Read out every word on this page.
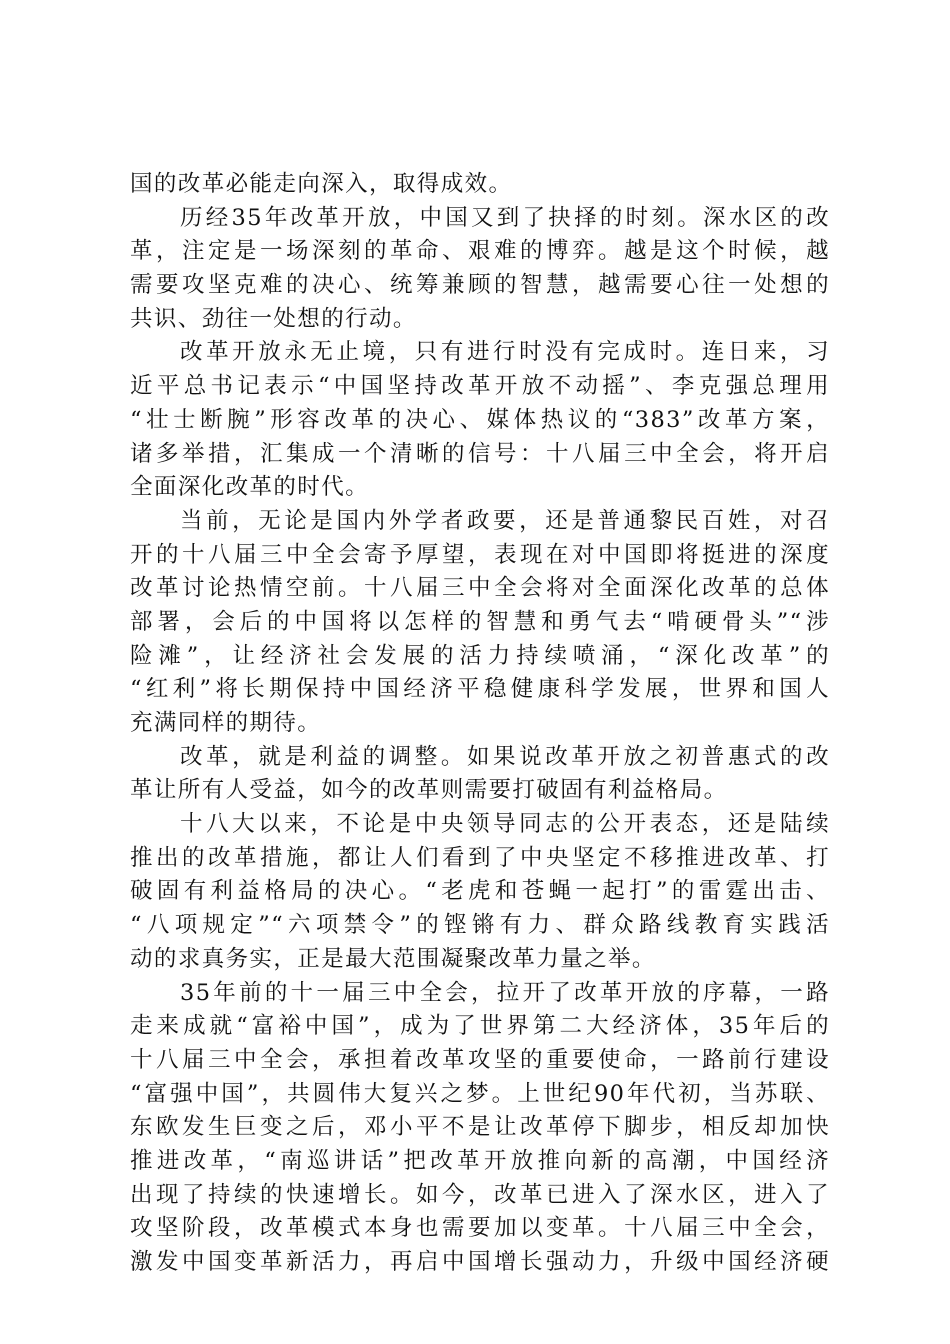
国的改革必能走向深入，取得成效。
历经35年改革开放，中国又到了抉择的时刻。深水区的改
革，注定是一场深刻的革命、艰难的博弈。越是这个时候，越
需要攻坚克难的决心、统筹兼顾的智慧，越需要心往一处想的
共识、劲往一处想的行动。
改革开放永无止境，只有进行时没有完成时。连日来，习
近平总书记表示“中国坚持改革开放不动摇”、李克强总理用
“壮士断腕”形容改革的决心、媒体热议的“383”改革方案，
诸多举措，汇集成一个清晰的信号：十八届三中全会，将开启
全面深化改革的时代。
当前，无论是国内外学者政要，还是普通黎民百姓，对召
开的十八届三中全会寄予厚望，表现在对中国即将挺进的深度
改革讨论热情空前。十八届三中全会将对全面深化改革的总体
部署，会后的中国将以怎样的智慧和勇气去“啃硬骨头”“涉
险滩”，让经济社会发展的活力持续喷涌，“深化改革”的
“红利”将长期保持中国经济平稳健康科学发展，世界和国人
充满同样的期待。
改革，就是利益的调整。如果说改革开放之初普惠式的改
革让所有人受益，如今的改革则需要打破固有利益格局。
十八大以来，不论是中央领导同志的公开表态，还是陆续
推出的改革措施，都让人们看到了中央坚定不移推进改革、打
破固有利益格局的决心。“老虎和苍蝇一起打”的雷霆出击、
“八项规定”“六项禁令”的铿锵有力、群众路线教育实践活
动的求真务实，正是最大范围凝聚改革力量之举。
35年前的十一届三中全会，拉开了改革开放的序幕，一路
走来成就“富裕中国”，成为了世界第二大经济体，35年后的
十八届三中全会，承担着改革攻坚的重要使命，一路前行建设
“富强中国”，共圆伟大复兴之梦。上世纪90年代初，当苏联、
东欧发生巨变之后，邓小平不是让改革停下脚步，相反却加快
推进改革，“南巡讲话”把改革开放推向新的高潮，中国经济
出现了持续的快速增长。如今，改革已进入了深水区，进入了
攻坚阶段，改革模式本身也需要加以变革。十八届三中全会，
激发中国变革新活力，再启中国增长强动力，升级中国经济硬
